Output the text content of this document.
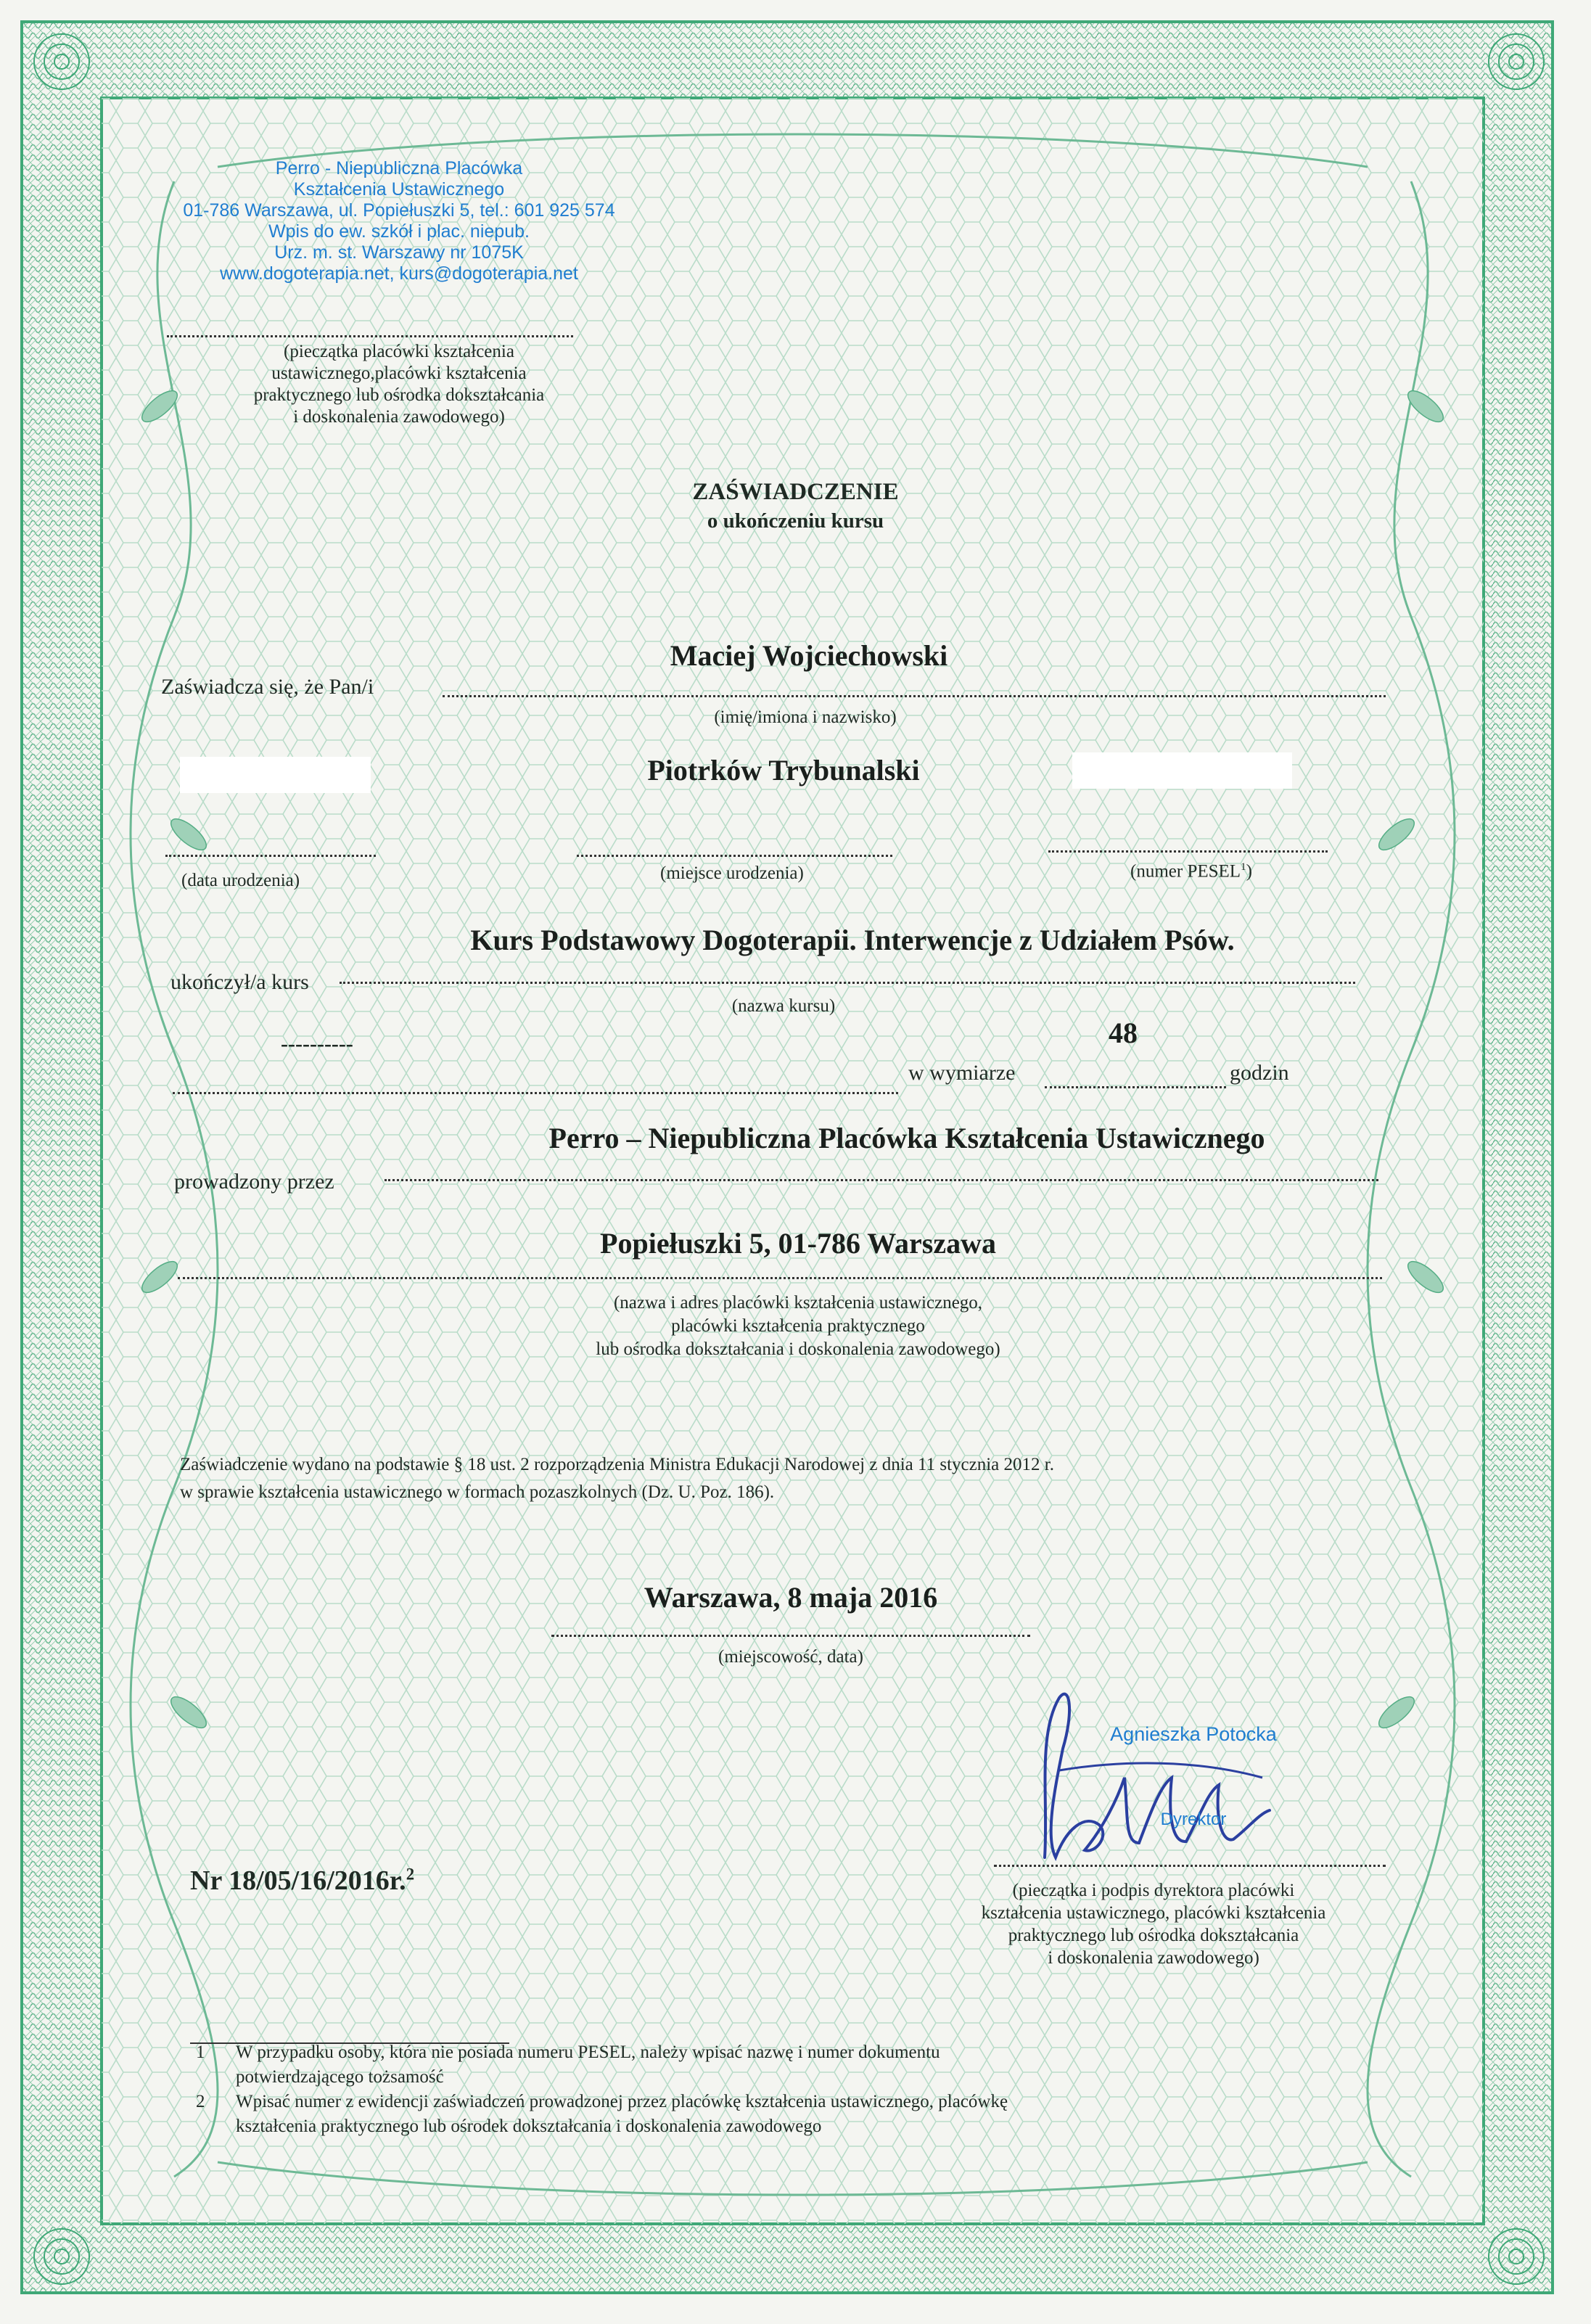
Perro - Niepubliczna Placówka
Kształcenia Ustawicznego
01-786 Warszawa, ul. Popiełuszki 5, tel.: 601 925 574
Wpis do ew. szkół i plac. niepub.
Urz. m. st. Warszawy nr 1075K
www.dogoterapia.net, kurs@dogoterapia.net
(pieczątka placówki kształcenia
ustawicznego,placówki kształcenia
praktycznego lub ośrodka dokształcania
i doskonalenia zawodowego)
ZAŚWIADCZENIE
o ukończeniu kursu
Maciej Wojciechowski
Zaświadcza się, że Pan/i
(imię/imiona i nazwisko)
Piotrków Trybunalski
(data urodzenia)	(miejsce urodzenia)	(numer PESEL$^1$)
Kurs Podstawowy Dogoterapii. Interwencje z Udziałem Psów.
ukończył/a kurs
(nazwa kursu)
----------	48
w wymiarze	godzin
Perro – Niepubliczna Placówka Kształcenia Ustawicznego
prowadzony przez
Popiełuszki 5, 01-786 Warszawa
(nazwa i adres placówki kształcenia ustawicznego,
placówki kształcenia praktycznego
lub ośrodka dokształcania i doskonalenia zawodowego)
Zaświadczenie wydano na podstawie § 18 ust. 2 rozporządzenia Ministra Edukacji Narodowej z dnia 11 stycznia 2012 r.
w sprawie kształcenia ustawicznego w formach pozaszkolnych (Dz. U. Poz. 186).
Warszawa, 8 maja 2016
(miejscowość, data)
Agnieszka Potocka
Dyrektor
(pieczątka i podpis dyrektora placówki
kształcenia ustawicznego, placówki kształcenia
praktycznego lub ośrodka dokształcania
i doskonalenia zawodowego)
Nr 18/05/16/2016r.$^2$
1 W przypadku osoby, która nie posiada numeru PESEL, należy wpisać nazwę i numer dokumentu
potwierdzającego tożsamość
2 Wpisać numer z ewidencji zaświadczeń prowadzonej przez placówkę kształcenia ustawicznego, placówkę
kształcenia praktycznego lub ośrodek dokształcania i doskonalenia zawodowego
